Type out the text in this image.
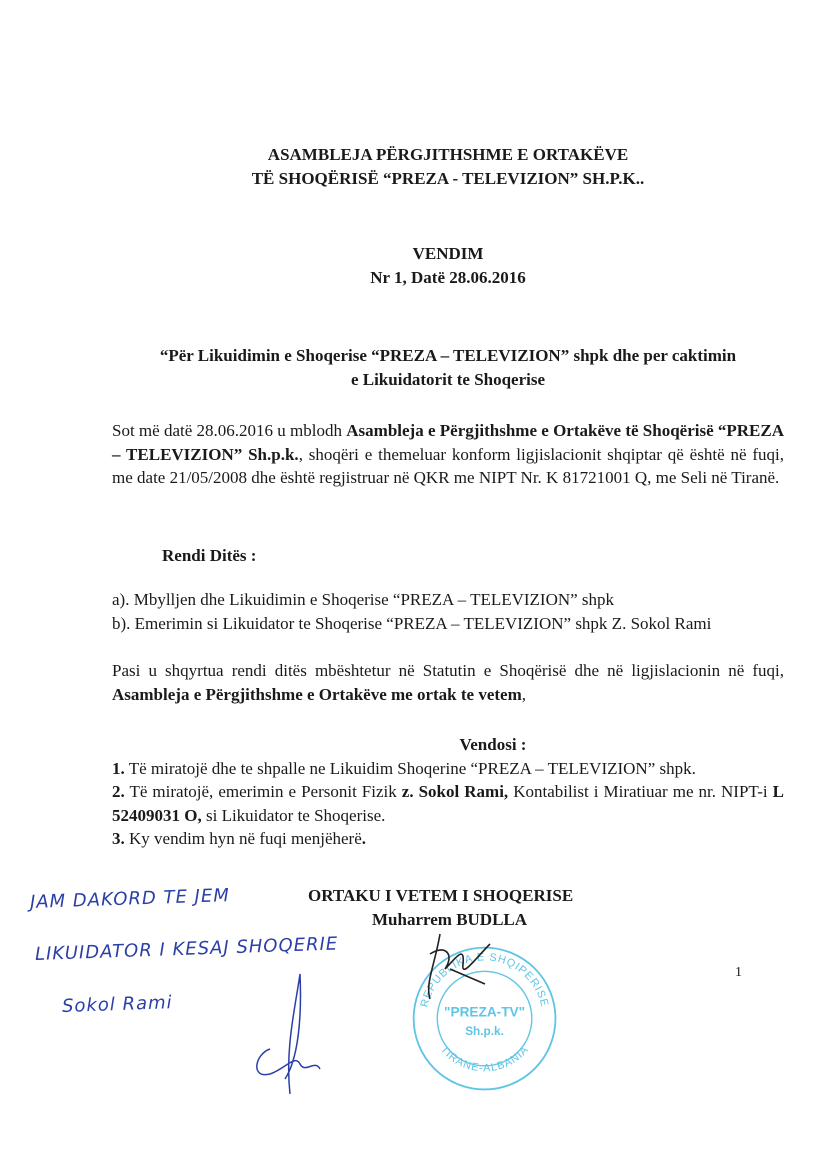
ASAMBLEJA PËRGJITHSHME E ORTAKËVE
TË SHOQËRISË “PREZA - TELEVIZION” SH.P.K..
VENDIM
Nr 1, Datë 28.06.2016
“Për Likuidimin e Shoqerise “PREZA – TELEVIZION” shpk dhe per caktimin
e Likuidatorit te Shoqerise
Sot më datë 28.06.2016 u mblodh Asambleja e Përgjithshme e Ortakëve të Shoqërisë “PREZA – TELEVIZION” Sh.p.k., shoqëri e themeluar konform ligjislacionit shqiptar që është në fuqi, me date 21/05/2008 dhe është regjistruar në QKR me NIPT Nr. K 81721001 Q, me Seli në Tiranë.
Rendi Ditës :
a). Mbylljen dhe Likuidimin e Shoqerise “PREZA – TELEVIZION” shpk
b). Emerimin si Likuidator te Shoqerise “PREZA – TELEVIZION” shpk Z. Sokol Rami
Pasi u shqyrtua rendi ditës mbështetur në Statutin e Shoqërisë dhe në ligjislacionin në fuqi, Asambleja e Përgjithshme e Ortakëve me ortak te vetem,
Vendosi :
1. Të miratojë dhe te shpalle ne Likuidim Shoqerine “PREZA – TELEVIZION” shpk.
2. Të miratojë, emerimin e Personit Fizik z. Sokol Rami, Kontabilist i Miratiuar me nr. NIPT-i L 52409031 O, si Likuidator te Shoqerise.
3. Ky vendim hyn në fuqi menjëherë.
REPUBLIKA E SHQIPERISE
TIRANE-ALBANIA
"PREZA-TV"
Sh.p.k.
ORTAKU I VETEM I SHOQERISE
Muharrem BUDLLA
JAM DAKORD TE JEM
LIKUIDATOR I KESAJ SHOQERIE
Sokol Rami
1
